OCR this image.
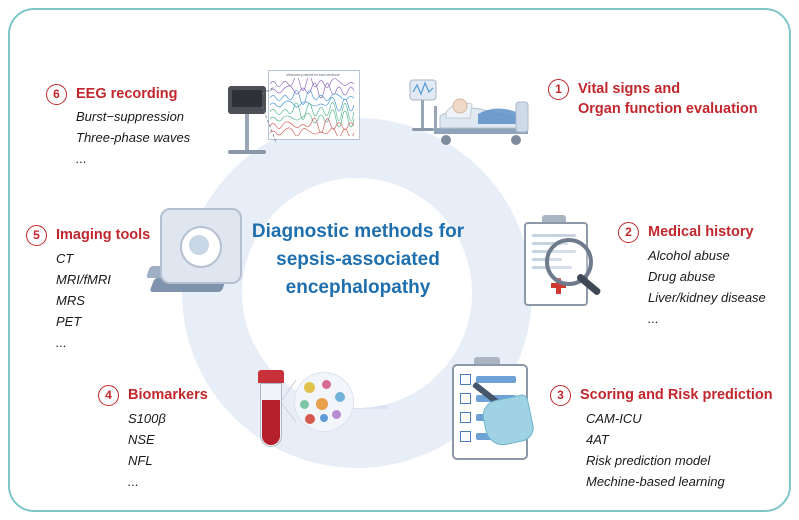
Diagnostic methods for
sepsis-associated
encephalopathy
6	EEG recording
Burst−suppression
Three-phase waves
...
Measured potential for each electrode
1	Vital signs and
Organ function evaluation
2	Medical history
Alcohol abuse
Drug abuse
Liver/kidney disease
...
3	Scoring and Risk prediction
CAM-ICU
4AT
Risk prediction model
Mechine-based learning
4	Biomarkers
S100β
NSE
NFL
...
5	Imaging tools
CT
MRI/fMRI
MRS
PET
...
